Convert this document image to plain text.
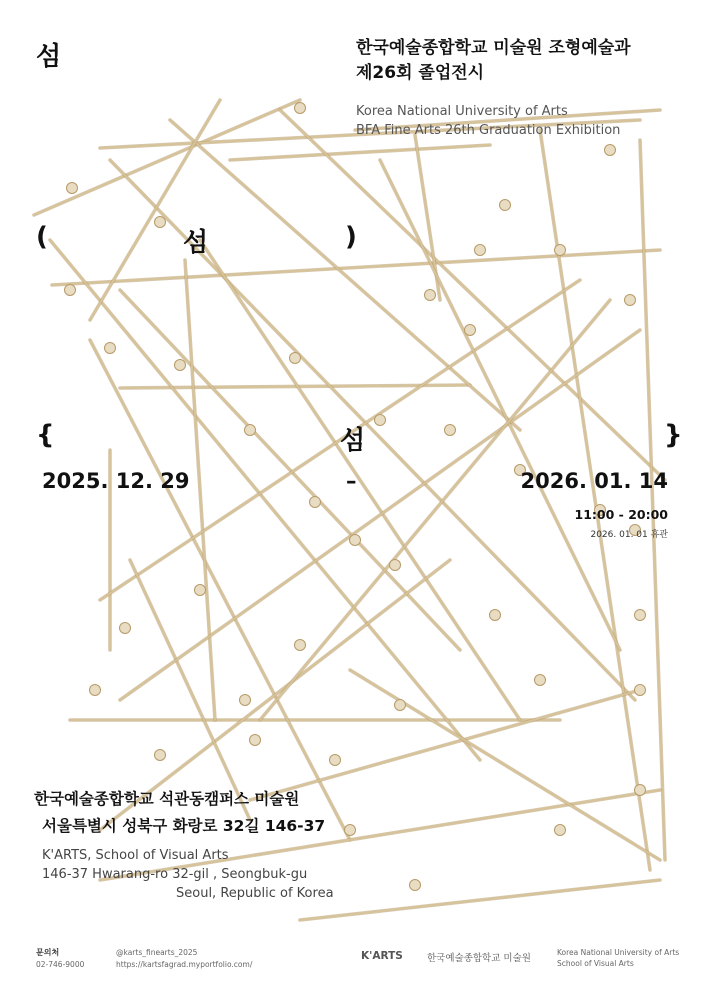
섬	한국예술종합학교 미술원 조형예술과
제26회 졸업전시
Korea National University of Arts
BFA Fine Arts 26th Graduation Exhibition
(	섬	)
{	섬	}
2025. 12. 29	–	2026. 01. 14
11:00 - 20:00
2026. 01. 01 휴관
한국예술종합학교 석관동캠퍼스 미술원
서울특별시 성북구 화랑로 32길 146-37
K'ARTS, School of Visual Arts
146-37 Hwarang-ro 32-gil , Seongbuk-gu
Seoul, Republic of Korea
문의처
02-746-9000
@karts_finearts_2025
https://kartsfagrad.myportfolio.com/
K'ARTS	한국예술종합학교 미술원
Korea National University of Arts
School of Visual Arts
